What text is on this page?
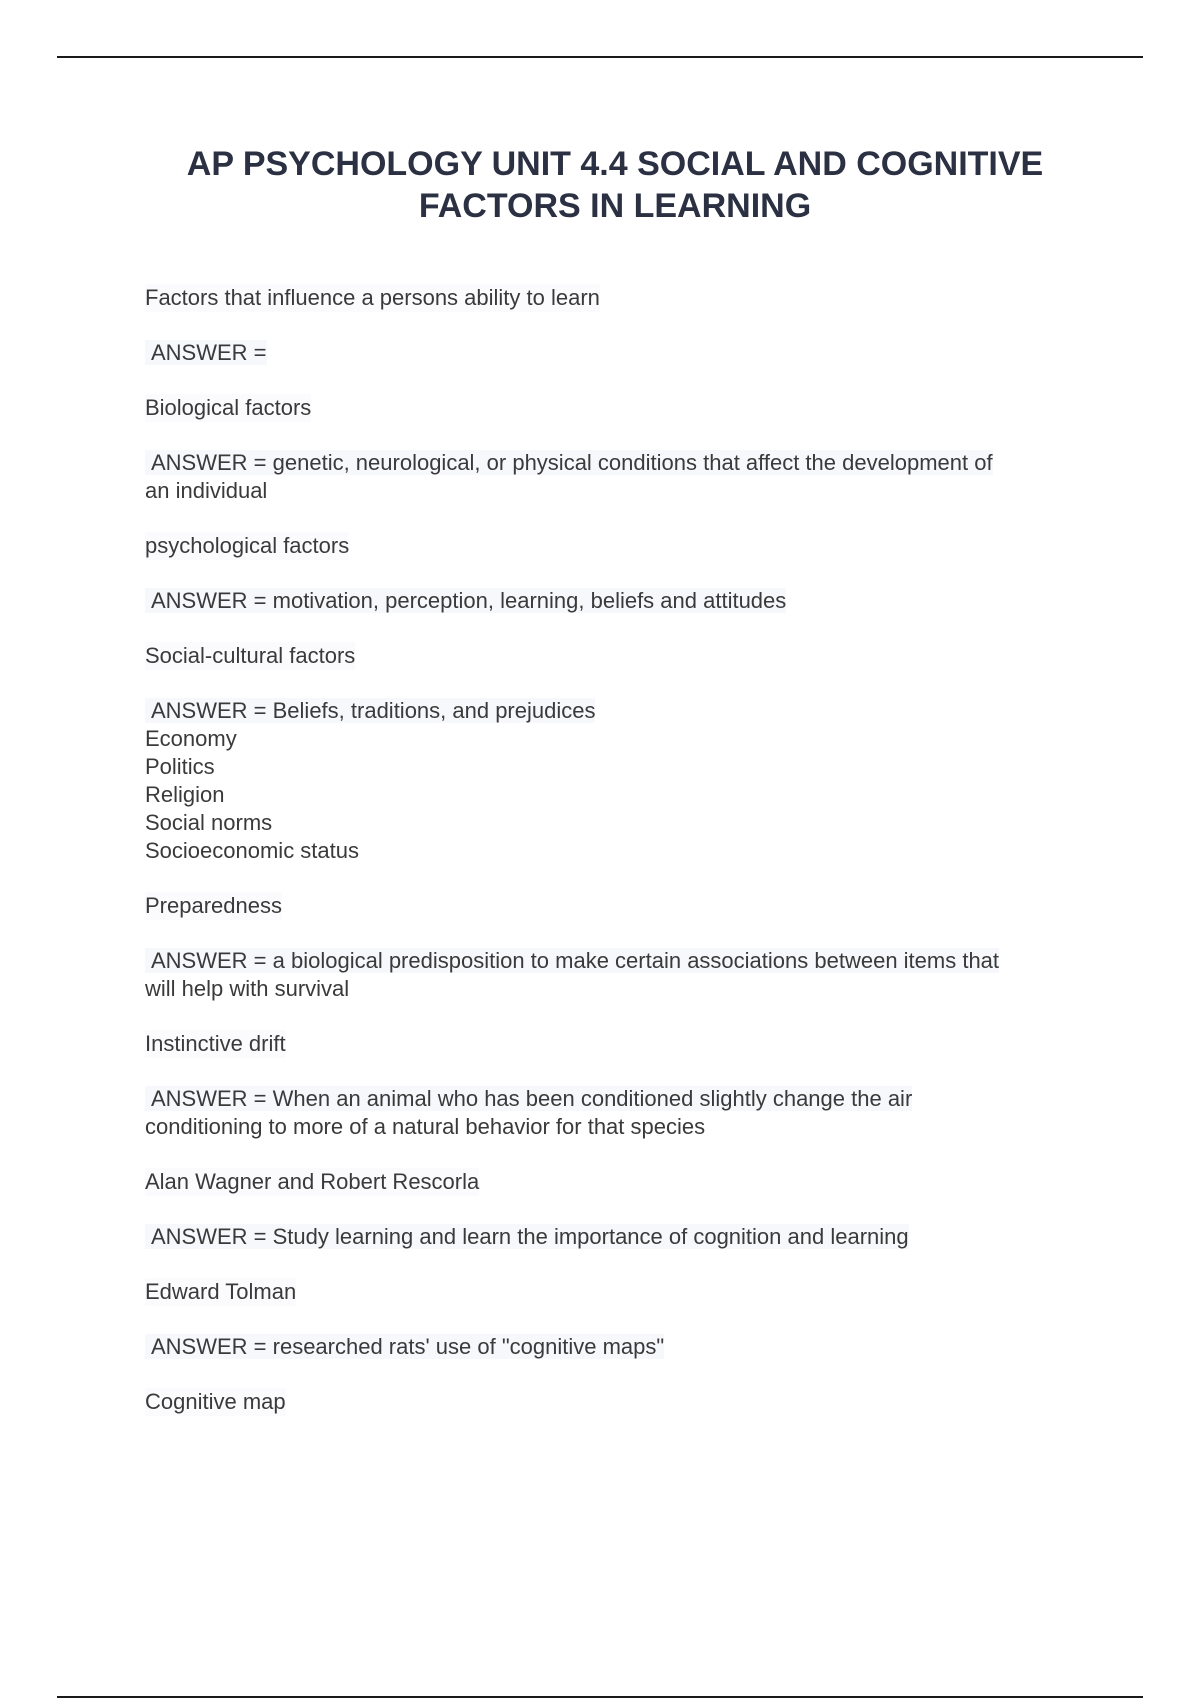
AP PSYCHOLOGY UNIT 4.4 SOCIAL AND COGNITIVE
FACTORS IN LEARNING
Factors that influence a persons ability to learn
ANSWER =
Biological factors
ANSWER = genetic, neurological, or physical conditions that affect the development of
an individual
psychological factors
ANSWER = motivation, perception, learning, beliefs and attitudes
Social-cultural factors
ANSWER = Beliefs, traditions, and prejudices
Economy
Politics
Religion
Social norms
Socioeconomic status
Preparedness
ANSWER = a biological predisposition to make certain associations between items that
will help with survival
Instinctive drift
ANSWER = When an animal who has been conditioned slightly change the air
conditioning to more of a natural behavior for that species
Alan Wagner and Robert Rescorla
ANSWER = Study learning and learn the importance of cognition and learning
Edward Tolman
ANSWER = researched rats' use of "cognitive maps"
Cognitive map
